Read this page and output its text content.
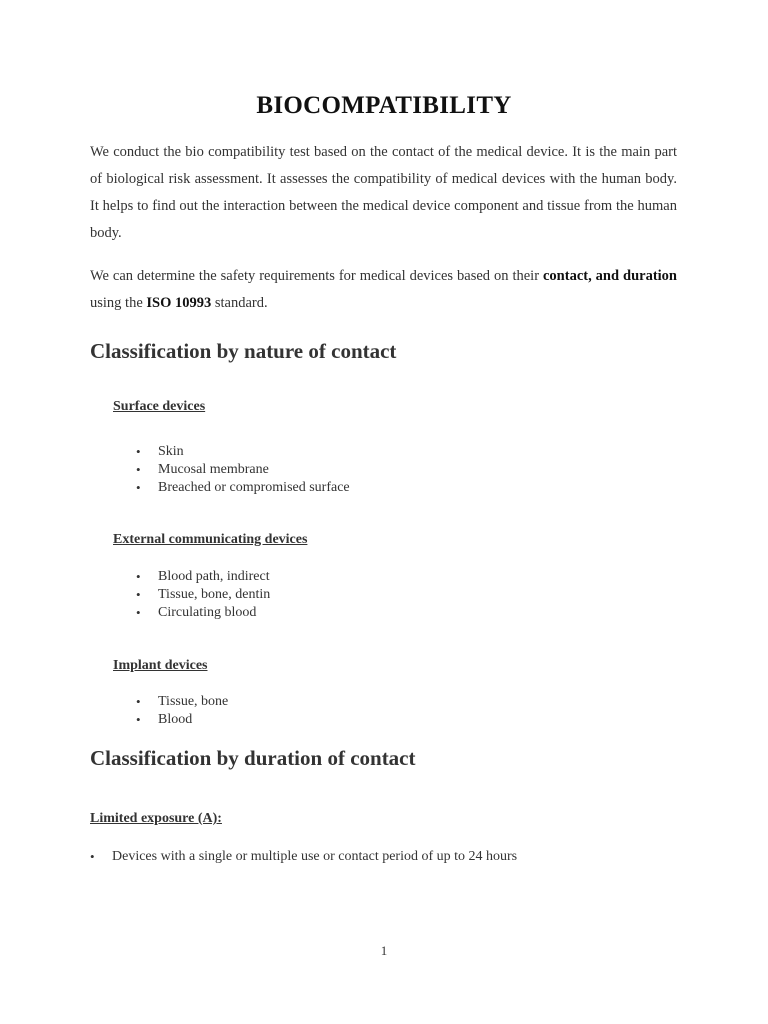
BIOCOMPATIBILITY
We conduct the bio compatibility test based on the contact of the medical device. It is the main part of biological risk assessment. It assesses the compatibility of medical devices with the human body. It helps to find out the interaction between the medical device component and tissue from the human body.
We can determine the safety requirements for medical devices based on their contact, and duration using the ISO 10993 standard.
Classification by nature of contact
Surface devices
• Skin
• Mucosal membrane
• Breached or compromised surface
External communicating devices
• Blood path, indirect
• Tissue, bone, dentin
• Circulating blood
Implant devices
• Tissue, bone
• Blood
Classification by duration of contact
Limited exposure (A):
• Devices with a single or multiple use or contact period of up to 24 hours
1
